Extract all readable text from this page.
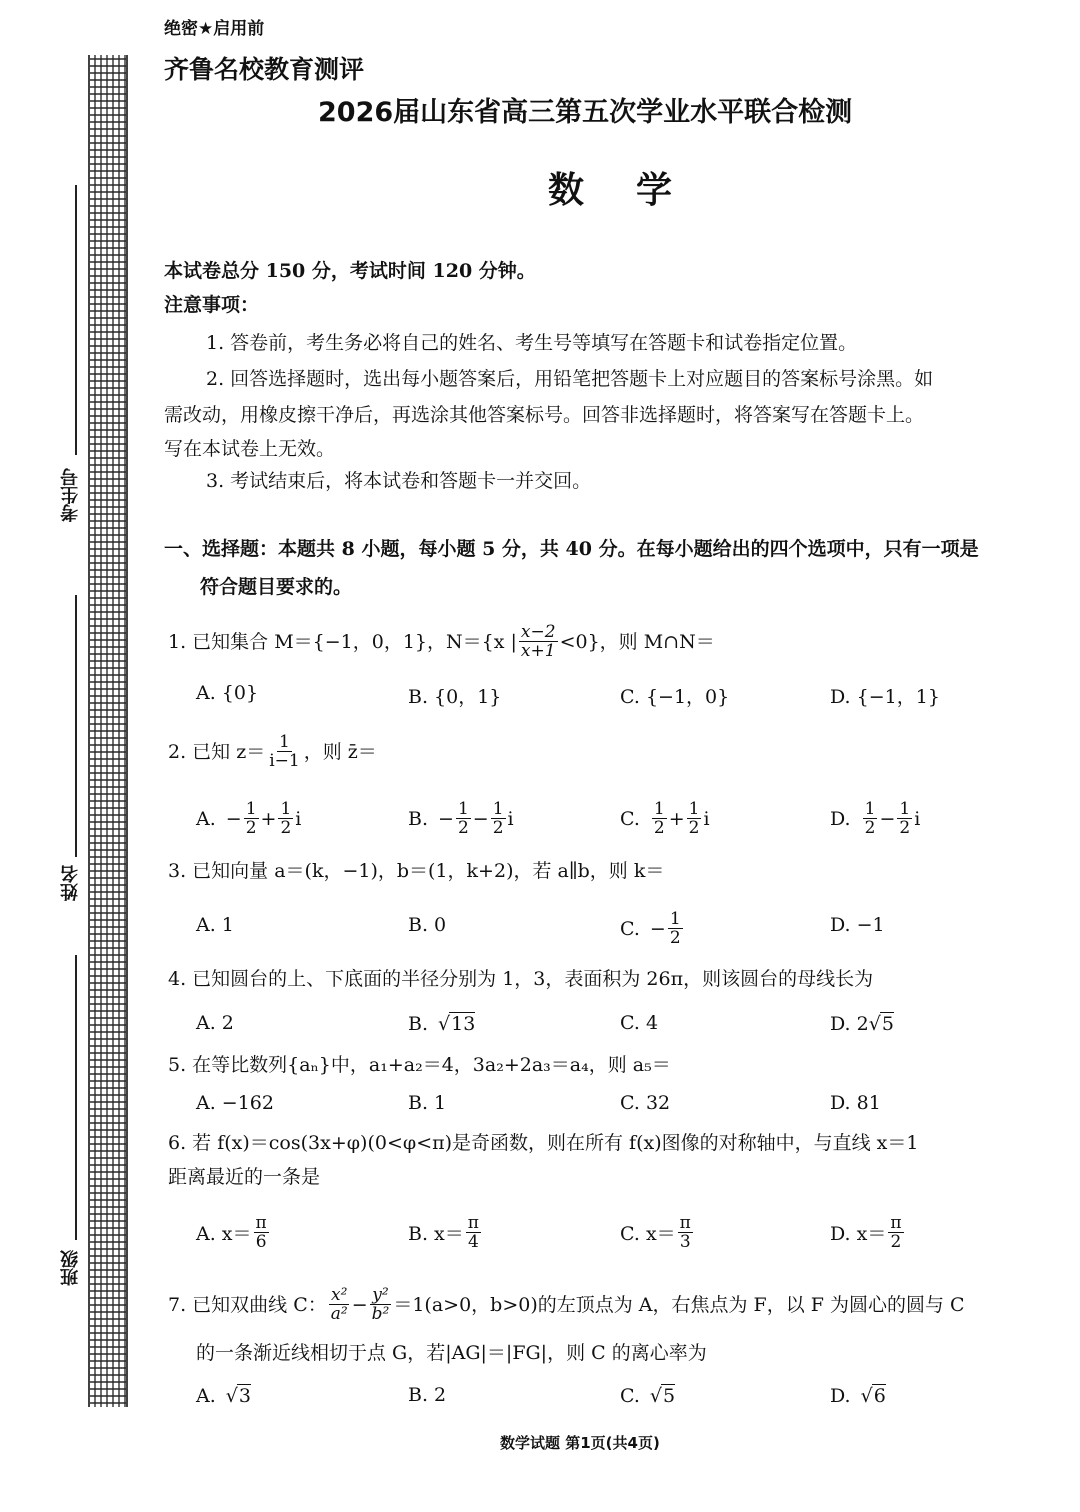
考生号
姓名
班级
绝密★启用前
齐鲁名校教育测评
2026届山东省高三第五次学业水平联合检测
数　学
本试卷总分 150 分，考试时间 120 分钟。
注意事项：
1. 答卷前，考生务必将自己的姓名、考生号等填写在答题卡和试卷指定位置。
2. 回答选择题时，选出每小题答案后，用铅笔把答题卡上对应题目的答案标号涂黑。如
需改动，用橡皮擦干净后，再选涂其他答案标号。回答非选择题时，将答案写在答题卡上。
写在本试卷上无效。
3. 考试结束后，将本试卷和答题卡一并交回。
一、选择题：本题共 8 小题，每小题 5 分，共 40 分。在每小题给出的四个选项中，只有一项是
符合题目要求的。
1. 已知集合 M＝{−1，0，1}，N＝{x | $\frac{x-2}{x+1} <0$}，则 M∩N＝
A. {0}	B. {0，1}	C. {−1，0}	D. {−1，1}
2. 已知 $z= \frac{1}{i-1}$ ，则 z̄＝
A. − $\frac{1}{2} + \frac{1}{2}$ i	B. − $\frac{1}{2} - \frac{1}{2}$ i	C. $\frac{1}{2} + \frac{1}{2}$ i	D. $\frac{1}{2} - \frac{1}{2}$ i
3. 已知向量 a＝(k，−1)，b＝(1，k+2)，若 a∥b，则 k＝
A. 1	B. 0	C. − $\frac{1}{2}$	D. −1
4. 已知圆台的上、下底面的半径分别为 1，3，表面积为 26π，则该圆台的母线长为
A. 2	B. √ 13	C. 4	D. 2 √ 5
5. 在等比数列{aₙ}中，a₁+a₂＝4，3a₂+2a₃＝a₄，则 a₅＝
A. −162	B. 1	C. 32	D. 81
6. 若 f(x)＝cos(3x+φ)(0<φ<π)是奇函数，则在所有 f(x)图像的对称轴中，与直线 x＝1
距离最近的一条是
A. $x= \frac{\pi}{6}$	B. $x= \frac{\pi}{4}$	C. $x= \frac{\pi}{3}$	D. $x= \frac{\pi}{2}$
7. 已知双曲线 C： $\frac{\text{x²}}{\text{a²}} - \frac{\text{y²}}{\text{b²}} =1(a>0$，b>0)的左顶点为 A，右焦点为 F，以 F 为圆心的圆与 C
的一条渐近线相切于点 G，若|AG|＝|FG|，则 C 的离心率为
A. √ 3	B. 2	C. √ 5	D. √ 6
数学试题 第1页(共4页)
